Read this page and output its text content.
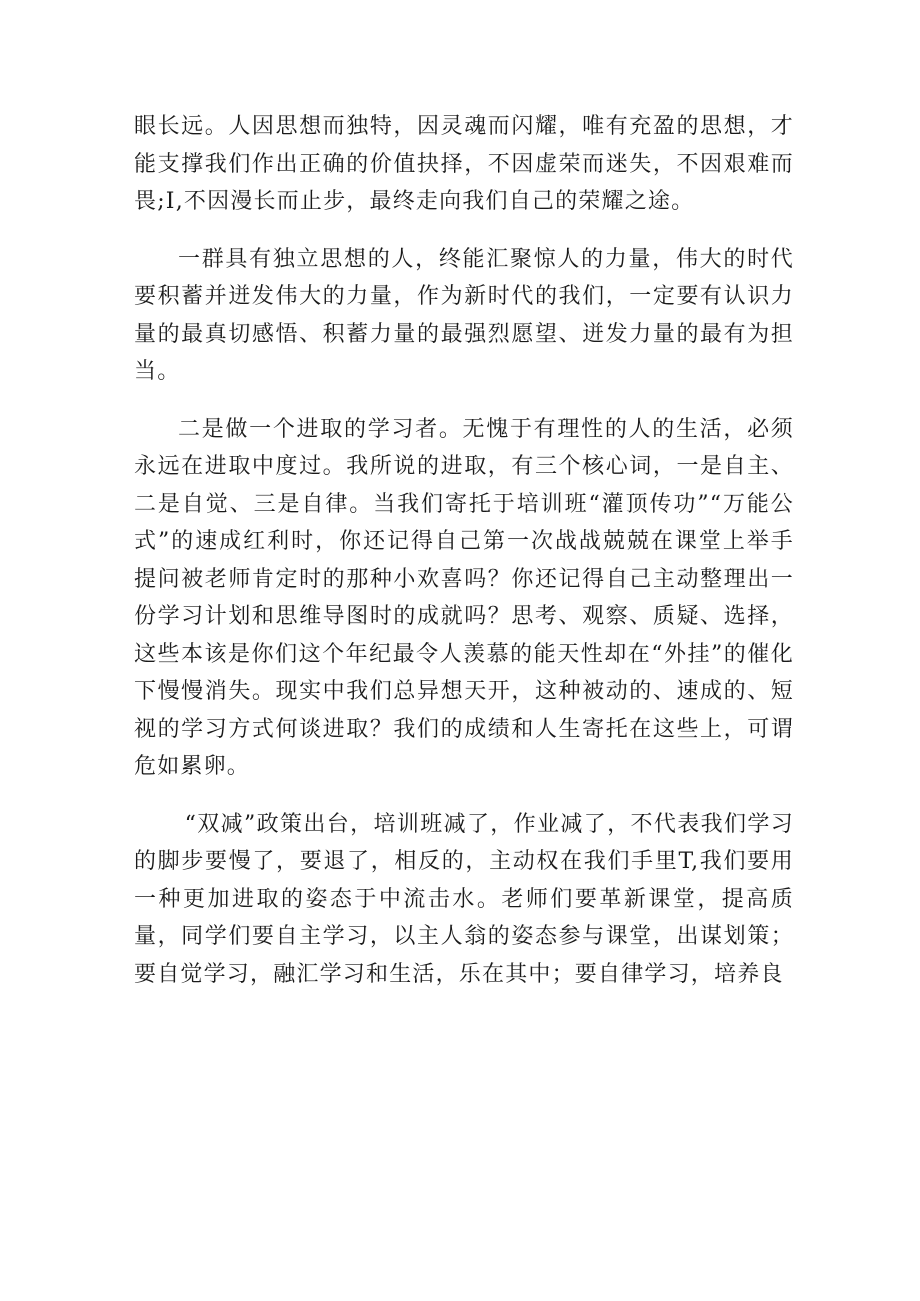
眼长远。人因思想而独特，因灵魂而闪耀，唯有充盈的思想，才能支撑我们作出正确的价值抉择，不因虚荣而迷失，不因艰难而畏;I,不因漫长而止步，最终走向我们自己的荣耀之途。

一群具有独立思想的人，终能汇聚惊人的力量，伟大的时代要积蓄并迸发伟大的力量，作为新时代的我们，一定要有认识力量的最真切感悟、积蓄力量的最强烈愿望、迸发力量的最有为担当。

二是做一个进取的学习者。无愧于有理性的人的生活，必须永远在进取中度过。我所说的进取，有三个核心词，一是自主、二是自觉、三是自律。当我们寄托于培训班“灌顶传功”“万能公式”的速成红利时，你还记得自己第一次战战兢兢在课堂上举手提问被老师肯定时的那种小欢喜吗？你还记得自己主动整理出一份学习计划和思维导图时的成就吗？思考、观察、质疑、选择，这些本该是你们这个年纪最令人羡慕的能天性却在“外挂”的催化下慢慢消失。现实中我们总异想天开，这种被动的、速成的、短视的学习方式何谈进取？我们的成绩和人生寄托在这些上，可谓危如累卵。

“双减”政策出台，培训班减了，作业减了，不代表我们学习的脚步要慢了，要退了，相反的，主动权在我们手里T,我们要用一种更加进取的姿态于中流击水。老师们要革新课堂，提高质量，同学们要自主学习，以主人翁的姿态参与课堂，出谋划策；要自觉学习，融汇学习和生活，乐在其中；要自律学习，培养良
